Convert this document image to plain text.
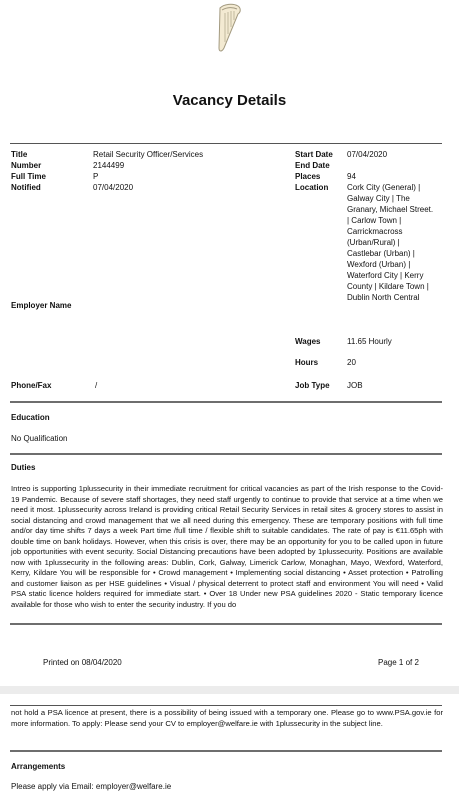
Vacancy Details
Title	Retail Security Officer/Services
Number	2144499
Full Time	P
Notified	07/04/2020
Start Date 07/04/2020
End Date
Places	94
Location Cork City (General) |
Galway City | The
Granary, Michael Street.
| Carlow Town |
Carrickmacross
(Urban/Rural) |
Castlebar (Urban) |
Wexford (Urban) |
Waterford City | Kerry
County | Kildare Town |
Dublin North Central
Employer Name
Wages	11.65 Hourly
Hours	20
Phone/Fax	/	Job Type JOB
Education
No Qualification
Duties

Intreo is supporting 1plussecurity in their immediate recruitment for critical vacancies as part of the Irish response to the Covid-19 Pandemic. Because of severe staff shortages, they need staff urgently to continue to provide that service at a time when we need it most. 1plussecurity across Ireland is providing critical Retail Security Services in retail sites & grocery stores to assist in social distancing and crowd management that we all need during this emergency. These are temporary positions with full time and/or day time shifts 7 days a week Part time /full time / flexible shift to suitable candidates. The rate of pay is €11.65ph with double time on bank holidays. However, when this crisis is over, there may be an opportunity for you to be called upon in future job opportunities with event security. Social Distancing precautions have been adopted by 1plussecurity. Positions are available now with 1plussecurity in the following areas: Dublin, Cork, Galway, Limerick Carlow, Monaghan, Mayo, Wexford, Waterford, Kerry, Kildare You will be responsible for • Crowd management • Implementing social distancing • Asset protection • Patrolling and customer liaison as per HSE guidelines • Visual / physical deterrent to protect staff and environment You will need • Valid PSA static licence holders required for immediate start. • Over 18 Under new PSA guidelines 2020 - Static temporary licence available for those who wish to enter the security industry. If you do

Printed on 08/04/2020	Page 1 of 2

not hold a PSA licence at present, there is a possibility of being issued with a temporary one. Please go to www.PSA.gov.ie for more information. To apply: Please send your CV to employer@welfare.ie with 1plussecurity in the subject line.

Arrangements
Please apply via Email: employer@welfare.ie
